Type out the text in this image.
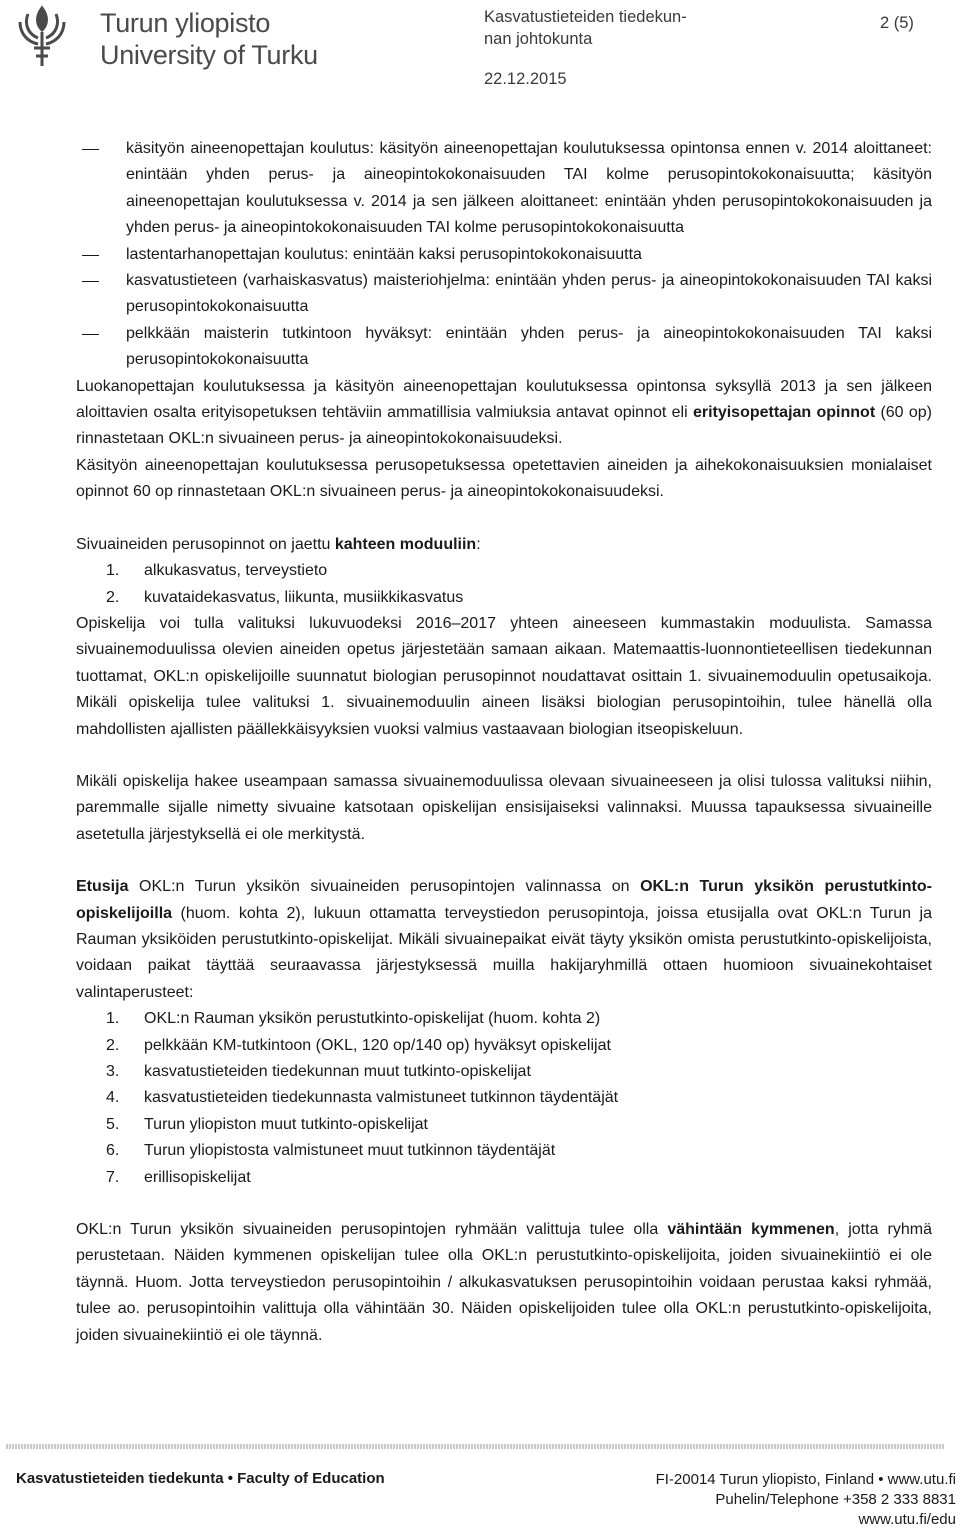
Turun yliopisto
University of Turku
Kasvatustieteiden tiedekun-
nan johtokunta
2 (5)
22.12.2015
käsityön aineenopettajan koulutus: käsityön aineenopettajan koulutuksessa opintonsa ennen v. 2014 aloittaneet: enintään yhden perus- ja aineopintokokonaisuuden TAI kolme perusopintokokonaisuutta; käsityön aineenopettajan koulutuksessa v. 2014 ja sen jälkeen aloittaneet: enintään yhden perusopintokokonaisuuden ja yhden perus- ja aineopintokokonaisuuden TAI kolme perusopintokokonaisuutta
lastentarhanopettajan koulutus: enintään kaksi perusopintokokonaisuutta
kasvatustieteen (varhaiskasvatus) maisteriohjelma: enintään yhden perus- ja aineopintokokonaisuuden TAI kaksi perusopintokokonaisuutta
pelkkään maisterin tutkintoon hyväksyt: enintään yhden perus- ja aineopintokokonaisuuden TAI kaksi perusopintokokonaisuutta

Luokanopettajan koulutuksessa ja käsityön aineenopettajan koulutuksessa opintonsa syksyllä 2013 ja sen jälkeen aloittavien osalta erityisopetuksen tehtäviin ammatillisia valmiuksia antavat opinnot eli erityisopettajan opinnot (60 op) rinnastetaan OKL:n sivuaineen perus- ja aineopintokokonaisuudeksi.

Käsityön aineenopettajan koulutuksessa perusopetuksessa opetettavien aineiden ja aihekokonaisuuksien monialaiset opinnot 60 op rinnastetaan OKL:n sivuaineen perus- ja aineopintokokonaisuudeksi.

Sivuaineiden perusopinnot on jaettu kahteen moduuliin:

1. alkukasvatus, terveystieto
2. kuvataidekasvatus, liikunta, musiikkikasvatus

Opiskelija voi tulla valituksi lukuvuodeksi 2016–2017 yhteen aineeseen kummastakin moduulista. Samassa sivuainemoduulissa olevien aineiden opetus järjestetään samaan aikaan. Matemaattis-luonnontieteellisen tiedekunnan tuottamat, OKL:n opiskelijoille suunnatut biologian perusopinnot noudattavat osittain 1. sivuainemoduulin opetusaikoja. Mikäli opiskelija tulee valituksi 1. sivuainemoduulin aineen lisäksi biologian perusopintoihin, tulee hänellä olla mahdollisten ajallisten päällekkäisyyksien vuoksi valmius vastaavaan biologian itseopiskeluun.

Mikäli opiskelija hakee useampaan samassa sivuainemoduulissa olevaan sivuaineeseen ja olisi tulossa valituksi niihin, paremmalle sijalle nimetty sivuaine katsotaan opiskelijan ensisijaiseksi valinnaksi. Muussa tapauksessa sivuaineille asetetulla järjestyksellä ei ole merkitystä.

Etusija OKL:n Turun yksikön sivuaineiden perusopintojen valinnassa on OKL:n Turun yksikön perustutkinto-opiskelijoilla (huom. kohta 2), lukuun ottamatta terveystiedon perusopintoja, joissa etusijalla ovat OKL:n Turun ja Rauman yksiköiden perustutkinto-opiskelijat. Mikäli sivuainepaikat eivät täyty yksikön omista perustutkinto-opiskelijoista, voidaan paikat täyttää seuraavassa järjestyksessä muilla hakijaryhmillä ottaen huomioon sivuainekohtaiset valintaperusteet:

1. OKL:n Rauman yksikön perustutkinto-opiskelijat (huom. kohta 2)
2. pelkkään KM-tutkintoon (OKL, 120 op/140 op) hyväksyt opiskelijat
3. kasvatustieteiden tiedekunnan muut tutkinto-opiskelijat
4. kasvatustieteiden tiedekunnasta valmistuneet tutkinnon täydentäjät
5. Turun yliopiston muut tutkinto-opiskelijat
6. Turun yliopistosta valmistuneet muut tutkinnon täydentäjät
7. erillisopiskelijat

OKL:n Turun yksikön sivuaineiden perusopintojen ryhmään valittuja tulee olla vähintään kymmenen, jotta ryhmä perustetaan. Näiden kymmenen opiskelijan tulee olla OKL:n perustutkinto-opiskelijoita, joiden sivuainekiintiö ei ole täynnä. Huom. Jotta terveystiedon perusopintoihin / alkukasvatuksen perusopintoihin voidaan perustaa kaksi ryhmää, tulee ao. perusopintoihin valittuja olla vähintään 30. Näiden opiskelijoiden tulee olla OKL:n perustutkinto-opiskelijoita, joiden sivuainekiintiö ei ole täynnä.

Kasvatustieteiden tiedekunta • Faculty of Education	FI-20014 Turun yliopisto, Finland • www.utu.fi
Puhelin/Telephone +358 2 333 8831
www.utu.fi/edu
